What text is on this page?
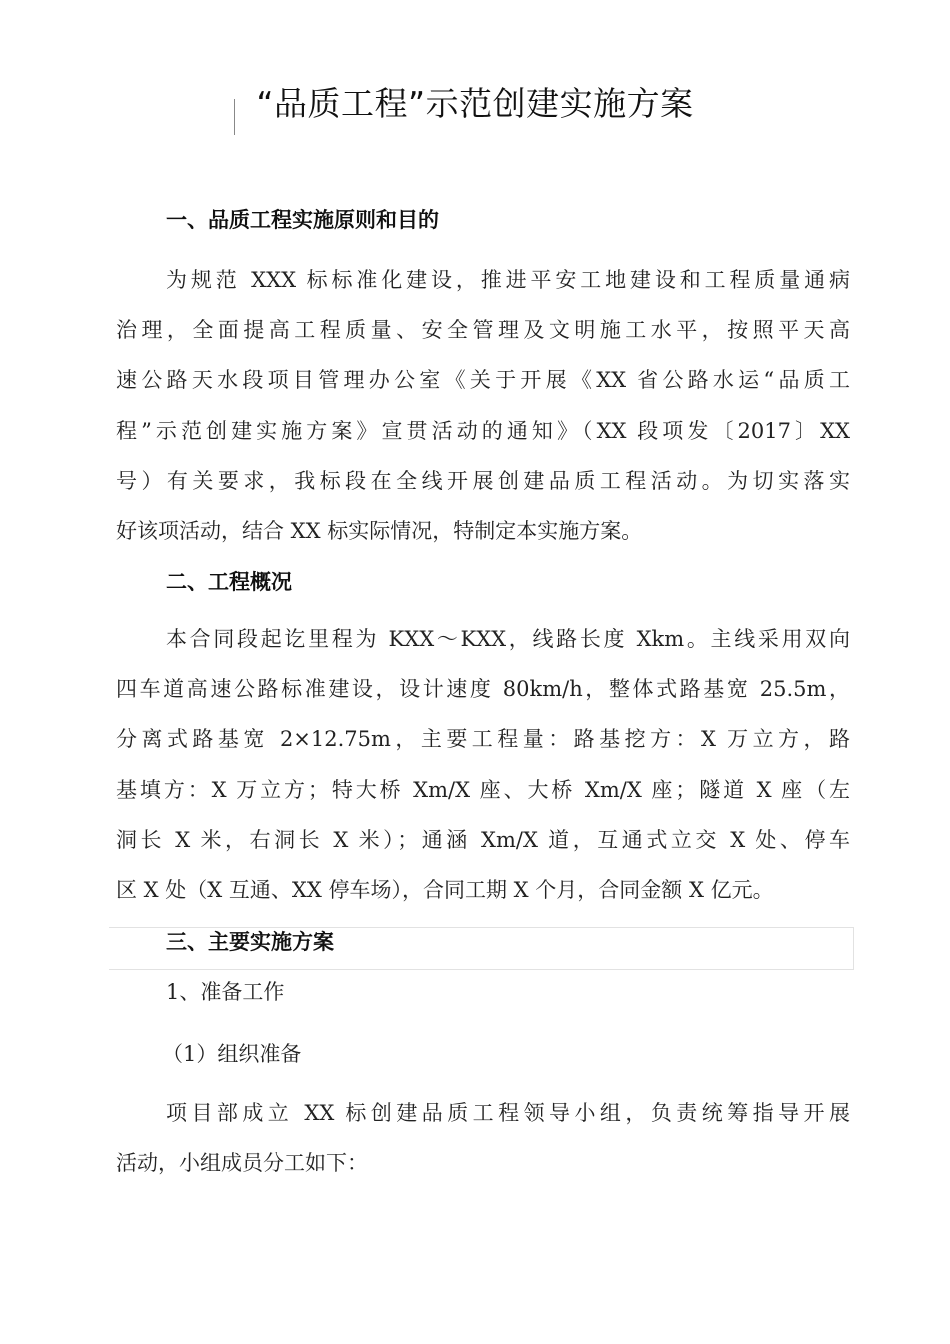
“品质工程”示范创建实施方案
一、品质工程实施原则和目的
为规范 XXX 标标准化建设，推进平安工地建设和工程质量通病
治理，全面提高工程质量、安全管理及文明施工水平，按照平天高
速公路天水段项目管理办公室《关于开展《XX 省公路水运“品质工
程”示范创建实施方案》宣贯活动的通知》（XX 段项发〔2017〕XX
号）有关要求，我标段在全线开展创建品质工程活动。为切实落实
好该项活动，结合 XX 标实际情况，特制定本实施方案。
二、工程概况
本合同段起讫里程为 KXX～KXX，线路长度 Xkm。主线采用双向
四车道高速公路标准建设，设计速度 80km/h，整体式路基宽 25.5m，
分离式路基宽 2×12.75m，主要工程量：路基挖方：X 万立方，路
基填方：X 万立方；特大桥 Xm/X 座、大桥 Xm/X 座；隧道 X 座（左
洞长 X 米，右洞长 X 米）；通涵 Xm/X 道，互通式立交 X 处、停车
区 X 处（X 互通、XX 停车场），合同工期 X 个月，合同金额 X 亿元。
三、主要实施方案
1、准备工作
（1）组织准备
项目部成立 XX 标创建品质工程领导小组，负责统筹指导开展
活动，小组成员分工如下：
